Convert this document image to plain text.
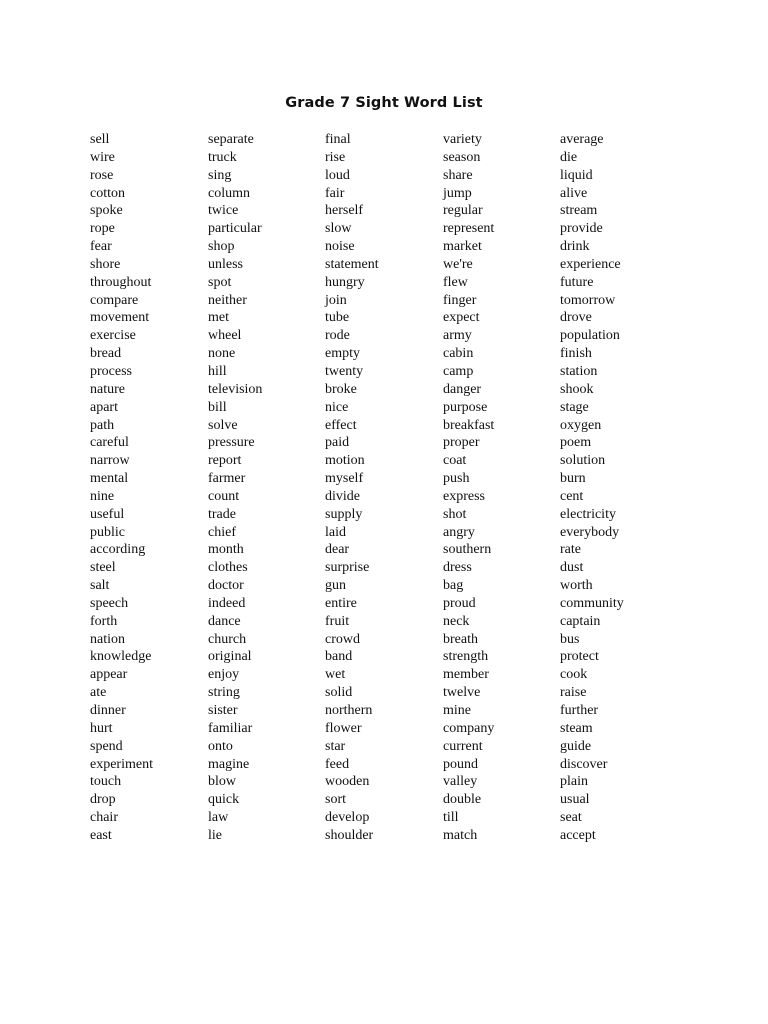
Grade 7 Sight Word List
sell
wire
rose
cotton
spoke
rope
fear
shore
throughout
compare
movement
exercise
bread
process
nature
apart
path
careful
narrow
mental
nine
useful
public
according
steel
salt
speech
forth
nation
knowledge
appear
ate
dinner
hurt
spend
experiment
touch
drop
chair
east
separate
truck
sing
column
twice
particular
shop
unless
spot
neither
met
wheel
none
hill
television
bill
solve
pressure
report
farmer
count
trade
chief
month
clothes
doctor
indeed
dance
church
original
enjoy
string
sister
familiar
onto
magine
blow
quick
law
lie
final
rise
loud
fair
herself
slow
noise
statement
hungry
join
tube
rode
empty
twenty
broke
nice
effect
paid
motion
myself
divide
supply
laid
dear
surprise
gun
entire
fruit
crowd
band
wet
solid
northern
flower
star
feed
wooden
sort
develop
shoulder
variety
season
share
jump
regular
represent
market
we're
flew
finger
expect
army
cabin
camp
danger
purpose
breakfast
proper
coat
push
express
shot
angry
southern
dress
bag
proud
neck
breath
strength
member
twelve
mine
company
current
pound
valley
double
till
match
average
die
liquid
alive
stream
provide
drink
experience
future
tomorrow
drove
population
finish
station
shook
stage
oxygen
poem
solution
burn
cent
electricity
everybody
rate
dust
worth
community
captain
bus
protect
cook
raise
further
steam
guide
discover
plain
usual
seat
accept
